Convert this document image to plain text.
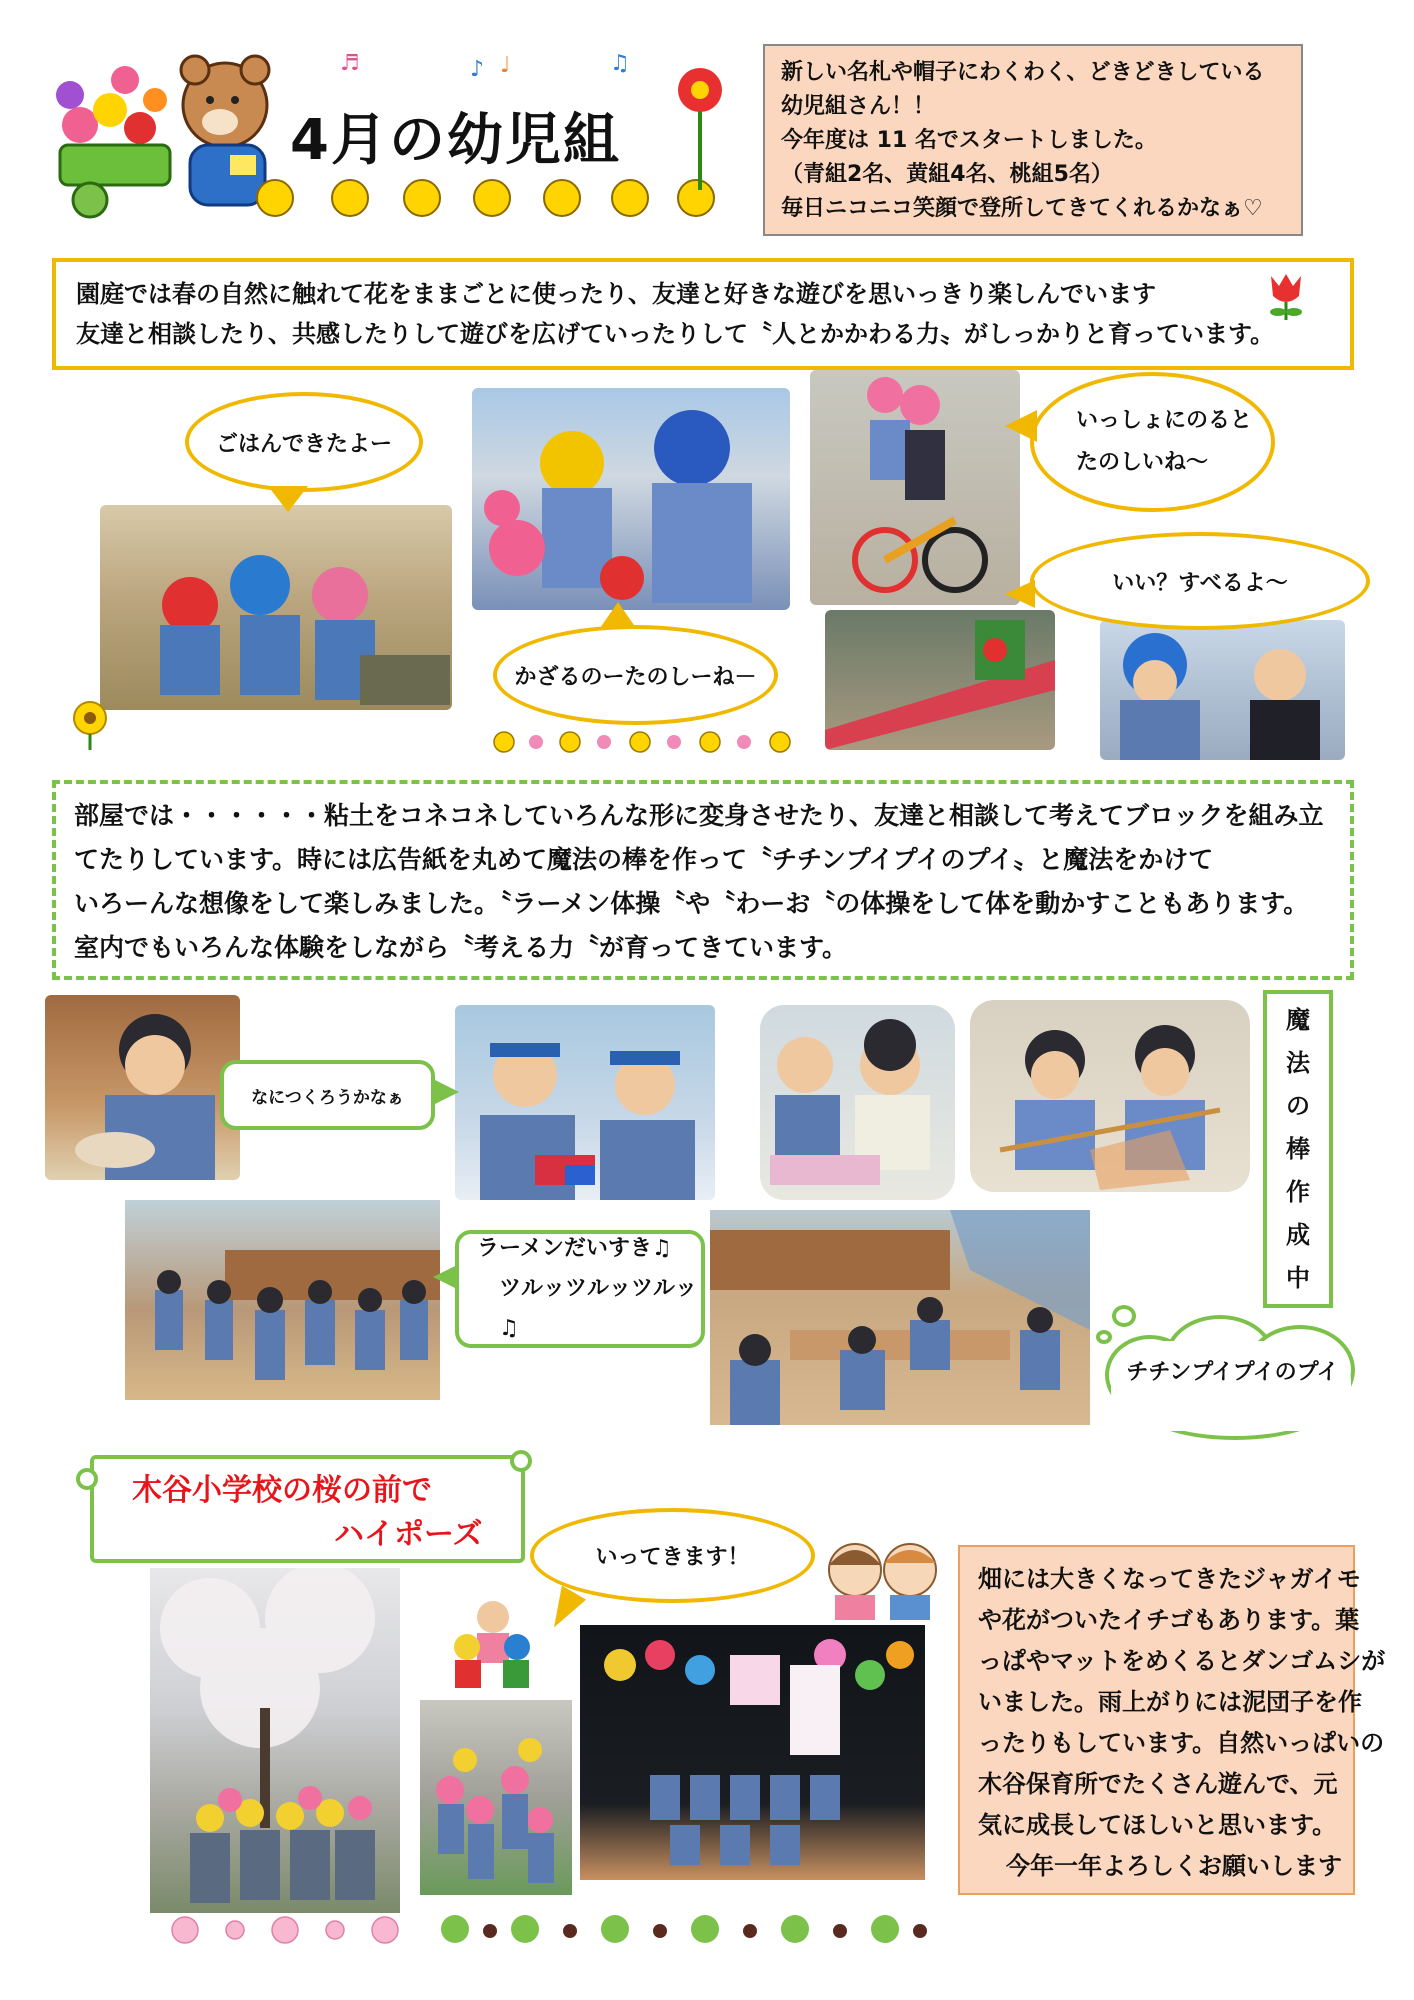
♬	♪ ♩	♫
4月の幼児組
新しい名札や帽子にわくわく、どきどきしている
幼児組さん！！
今年度は 11 名でスタートしました。
（青組2名、黄組4名、桃組5名）
毎日ニコニコ笑顔で登所してきてくれるかなぁ♡
園庭では春の自然に触れて花をままごとに使ったり、友達と好きな遊びを思いっきり楽しんでいます
友達と相談したり、共感したりして遊びを広げていったりして〝人とかかわる力〟がしっかりと育っています。
ごはんできたよー
かざるのーたのしーね－
いっしょにのると
たのしいね～
いい？すべるよ～
部屋では・・・・・・粘土をコネコネしていろんな形に変身させたり、友達と相談して考えてブロックを組み立
てたりしています。時には広告紙を丸めて魔法の棒を作って〝チチンプイプイのプイ〟と魔法をかけて
いろーんな想像をして楽しみました。〝ラーメン体操〝や〝わーお〝の体操をして体を動かすこともあります。
室内でもいろんな体験をしながら〝考える力〝が育ってきています。
なにつくろうかなぁ
魔
法
の
棒
作
成
中
ラーメンだいすき♫
ツルッツルッツルッ♫
チチンプイプイのプイ
木谷小学校の桜の前で
ハイポーズ
いってきます！
畑には大きくなってきたジャガイモ
や花がついたイチゴもあります。葉
っぱやマットをめくるとダンゴムシが
いました。雨上がりには泥団子を作
ったりもしています。自然いっぱいの
木谷保育所でたくさん遊んで、元
気に成長してほしいと思います。
今年一年よろしくお願いします
